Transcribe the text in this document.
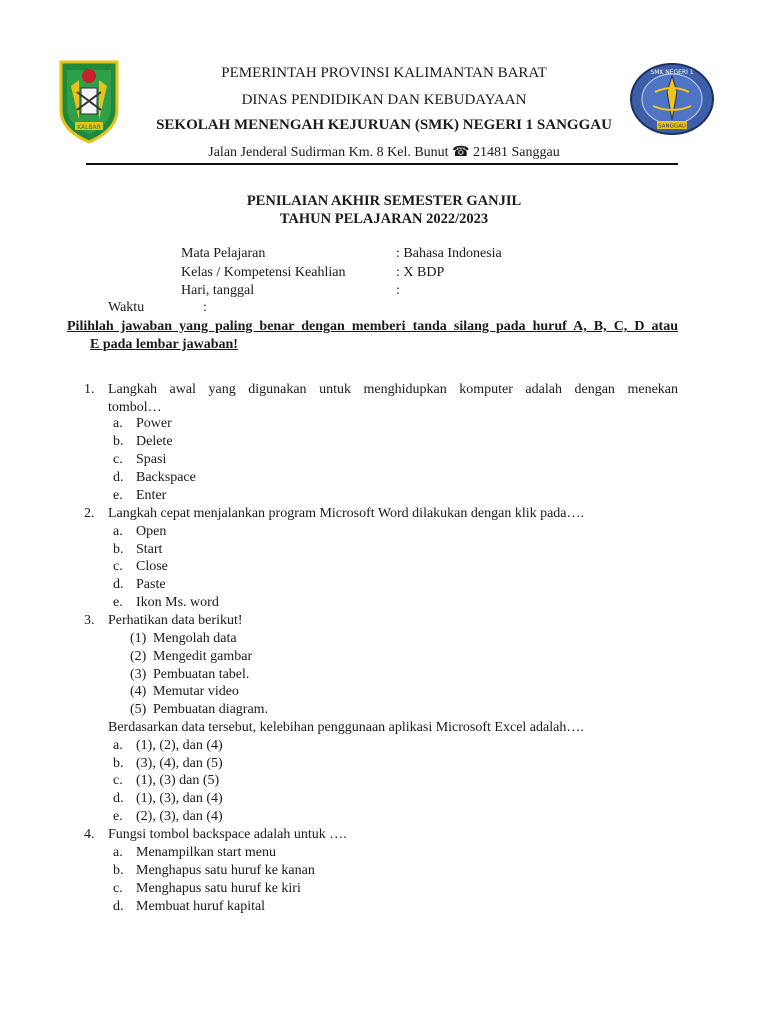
KALBAR
SMK NEGERI 1
SANGGAU
PEMERINTAH PROVINSI KALIMANTAN BARAT
DINAS PENDIDIKAN DAN KEBUDAYAAN
SEKOLAH MENENGAH KEJURUAN (SMK) NEGERI 1 SANGGAU
Jalan Jenderal Sudirman Km. 8 Kel. Bunut ☎ 21481 Sanggau
PENILAIAN AKHIR SEMESTER GANJIL
TAHUN PELAJARAN 2022/2023
Mata Pelajaran	: Bahasa Indonesia
Kelas / Kompetensi Keahlian	: X BDP
Hari, tanggal	:
Waktu	:
Pilihlah jawaban yang paling benar dengan memberi tanda silang pada huruf A, B, C, D atau
E pada lembar jawaban!
1. Langkah awal yang digunakan untuk menghidupkan komputer adalah dengan menekan
tombol…
a. Power
b. Delete
c. Spasi
d. Backspace
e. Enter
2. Langkah cepat menjalankan program Microsoft Word dilakukan dengan klik pada….
a. Open
b. Start
c. Close
d. Paste
e. Ikon Ms. word
3. Perhatikan data berikut!
(1) Mengolah data
(2) Mengedit gambar
(3) Pembuatan tabel.
(4) Memutar video
(5) Pembuatan diagram.
Berdasarkan data tersebut, kelebihan penggunaan aplikasi Microsoft Excel adalah….
a. (1), (2), dan (4)
b. (3), (4), dan (5)
c. (1), (3) dan (5)
d. (1), (3), dan (4)
e. (2), (3), dan (4)
4. Fungsi tombol backspace adalah untuk ….
a. Menampilkan start menu
b. Menghapus satu huruf ke kanan
c. Menghapus satu huruf ke kiri
d. Membuat huruf kapital
